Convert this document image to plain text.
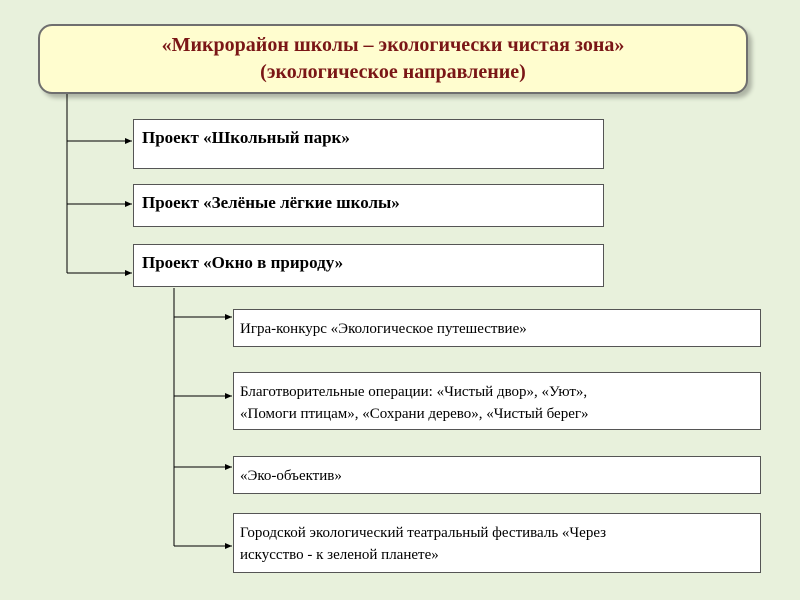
«Микрорайон школы – экологически чистая зона»
(экологическое направление)
Проект «Школьный парк»
Проект «Зелёные лёгкие школы»
Проект «Окно в природу»
Игра-конкурс «Экологическое путешествие»
Благотворительные операции: «Чистый двор», «Уют»,
«Помоги птицам», «Сохрани дерево», «Чистый берег»
«Эко-объектив»
Городской экологический театральный фестиваль «Через
искусство - к зеленой планете»
